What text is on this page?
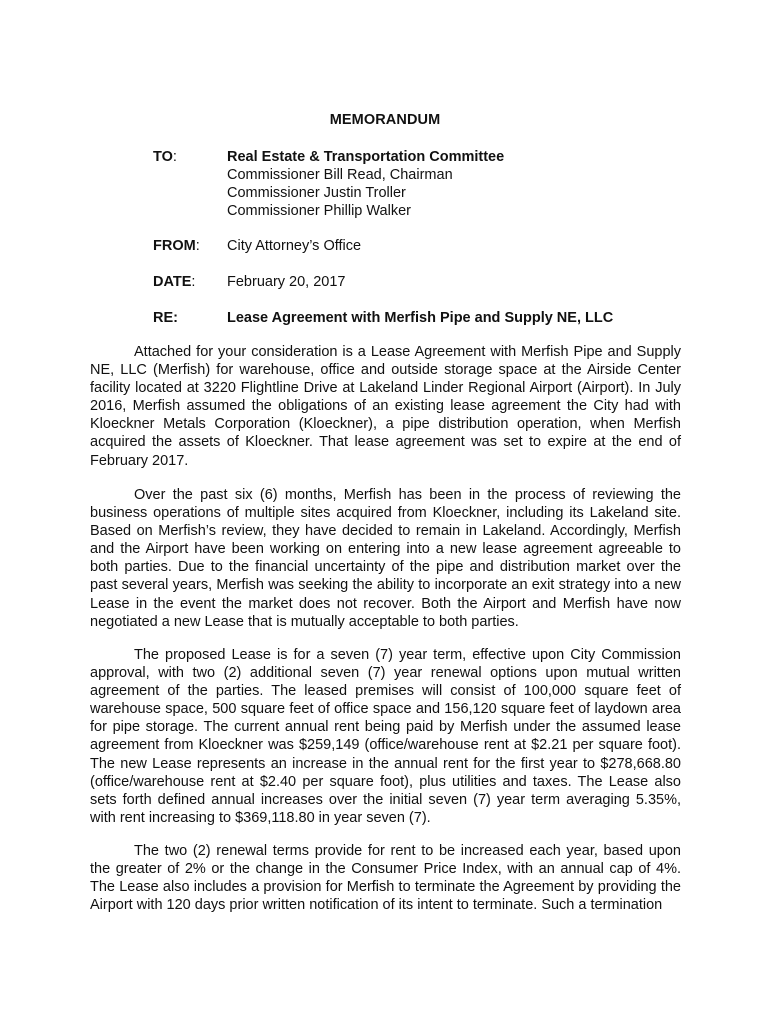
MEMORANDUM
TO:	Real Estate & Transportation Committee
Commissioner Bill Read, Chairman
Commissioner Justin Troller
Commissioner Phillip Walker
FROM: City Attorney’s Office
DATE: February 20, 2017
RE:	Lease Agreement with Merfish Pipe and Supply NE, LLC

Attached for your consideration is a Lease Agreement with Merfish Pipe and Supply NE, LLC (Merfish) for warehouse, office and outside storage space at the Airside Center facility located at 3220 Flightline Drive at Lakeland Linder Regional Airport (Airport). In July 2016, Merfish assumed the obligations of an existing lease agreement the City had with Kloeckner Metals Corporation (Kloeckner), a pipe distribution operation, when Merfish acquired the assets of Kloeckner. That lease agreement was set to expire at the end of February 2017.

Over the past six (6) months, Merfish has been in the process of reviewing the business operations of multiple sites acquired from Kloeckner, including its Lakeland site. Based on Merfish’s review, they have decided to remain in Lakeland. Accordingly, Merfish and the Airport have been working on entering into a new lease agreement agreeable to both parties. Due to the financial uncertainty of the pipe and distribution market over the past several years, Merfish was seeking the ability to incorporate an exit strategy into a new Lease in the event the market does not recover. Both the Airport and Merfish have now negotiated a new Lease that is mutually acceptable to both parties.

The proposed Lease is for a seven (7) year term, effective upon City Commission approval, with two (2) additional seven (7) year renewal options upon mutual written agreement of the parties. The leased premises will consist of 100,000 square feet of warehouse space, 500 square feet of office space and 156,120 square feet of laydown area for pipe storage. The current annual rent being paid by Merfish under the assumed lease agreement from Kloeckner was $259,149 (office/warehouse rent at $2.21 per square foot). The new Lease represents an increase in the annual rent for the first year to $278,668.80 (office/warehouse rent at $2.40 per square foot), plus utilities and taxes. The Lease also sets forth defined annual increases over the initial seven (7) year term averaging 5.35%, with rent increasing to $369,118.80 in year seven (7).

The two (2) renewal terms provide for rent to be increased each year, based upon the greater of 2% or the change in the Consumer Price Index, with an annual cap of 4%. The Lease also includes a provision for Merfish to terminate the Agreement by providing the Airport with 120 days prior written notification of its intent to terminate. Such a termination
